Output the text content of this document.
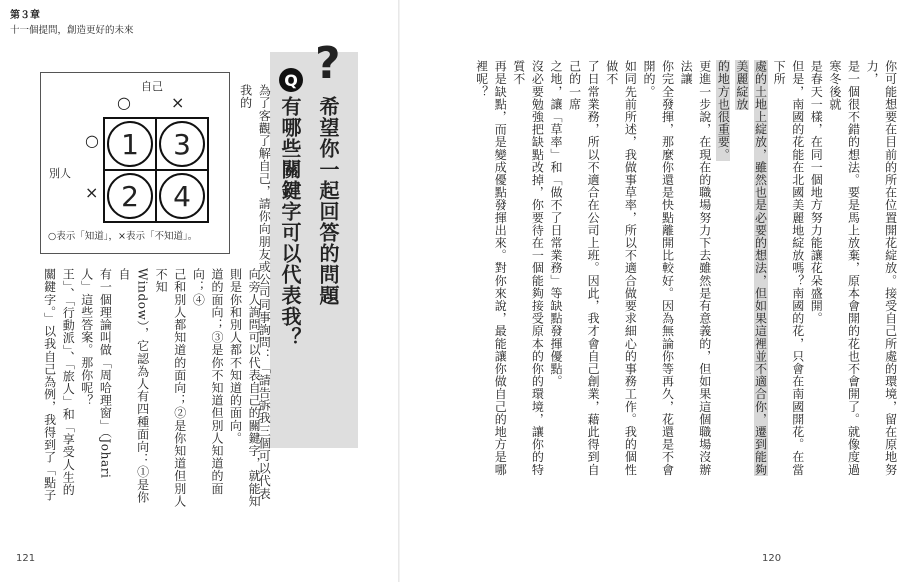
第３章
十一個提問，創造更好的未來
?
Q
有哪些關鍵字可以代表我？ 希望你一起回答的問題
自己
○	×
別人
○
×
1	3
2	4
○表示「知道」，×表示「不知道」。
向旁人詢問可以代表自己的關鍵字，就能知
則是你和別人都不知道的面向。
道的面向；③是你不知道但別人知道的面向；④
己和別人都知道的面向；②是你知道但別人不知
Window），它認為人有四種面向：①是你自
有一個理論叫做「周哈理窗」（Johari
人」這些答案。那你呢？
王」、「行動派」、「旅人」和「享受人生的
關鍵字。」以我自己為例，我得到了「點子	為了客觀了解自己，請你向朋友或公司同事詢問：「請告訴我三個可以代表我的
121
你可能想要在目前的所在位置開花綻放。接受自己所處的環境，留在原地努力，
是一個很不錯的想法。要是馬上放棄，原本會開的花也不會開了。就像度過寒冬後就
是春天一樣，在同一個地方努力能讓花朵盛開。
但是，南國的花能在北國美麗地綻放嗎？南國的花，只會在南國開花。在當下所
處的土地上綻放，雖然也是必要的想法，但如果這裡並不適合你，遷到能夠美麗綻放
的地方也很重要。
更進一步說，在現在的職場努力下去雖然是有意義的，但如果這個職場沒辦法讓
你完全發揮，那麼你還是快點離開比較好。因為無論你等再久，花還是不會開的。
如同先前所述，我做事草率，所以不適合做要求細心的事務工作。我的個性做不
了日常業務，所以不適合在公司上班。因此，我才會自己創業，藉此得到自己的一席
之地，讓「草率」和「做不了日常業務」等缺點發揮優點。
沒必要勉強把缺點改掉，你要待在一個能夠接受原本的你的環境，讓你的特質不
再是缺點，而是變成優點發揮出來。對你來說，最能讓你做自己的地方是哪裡呢？

120
